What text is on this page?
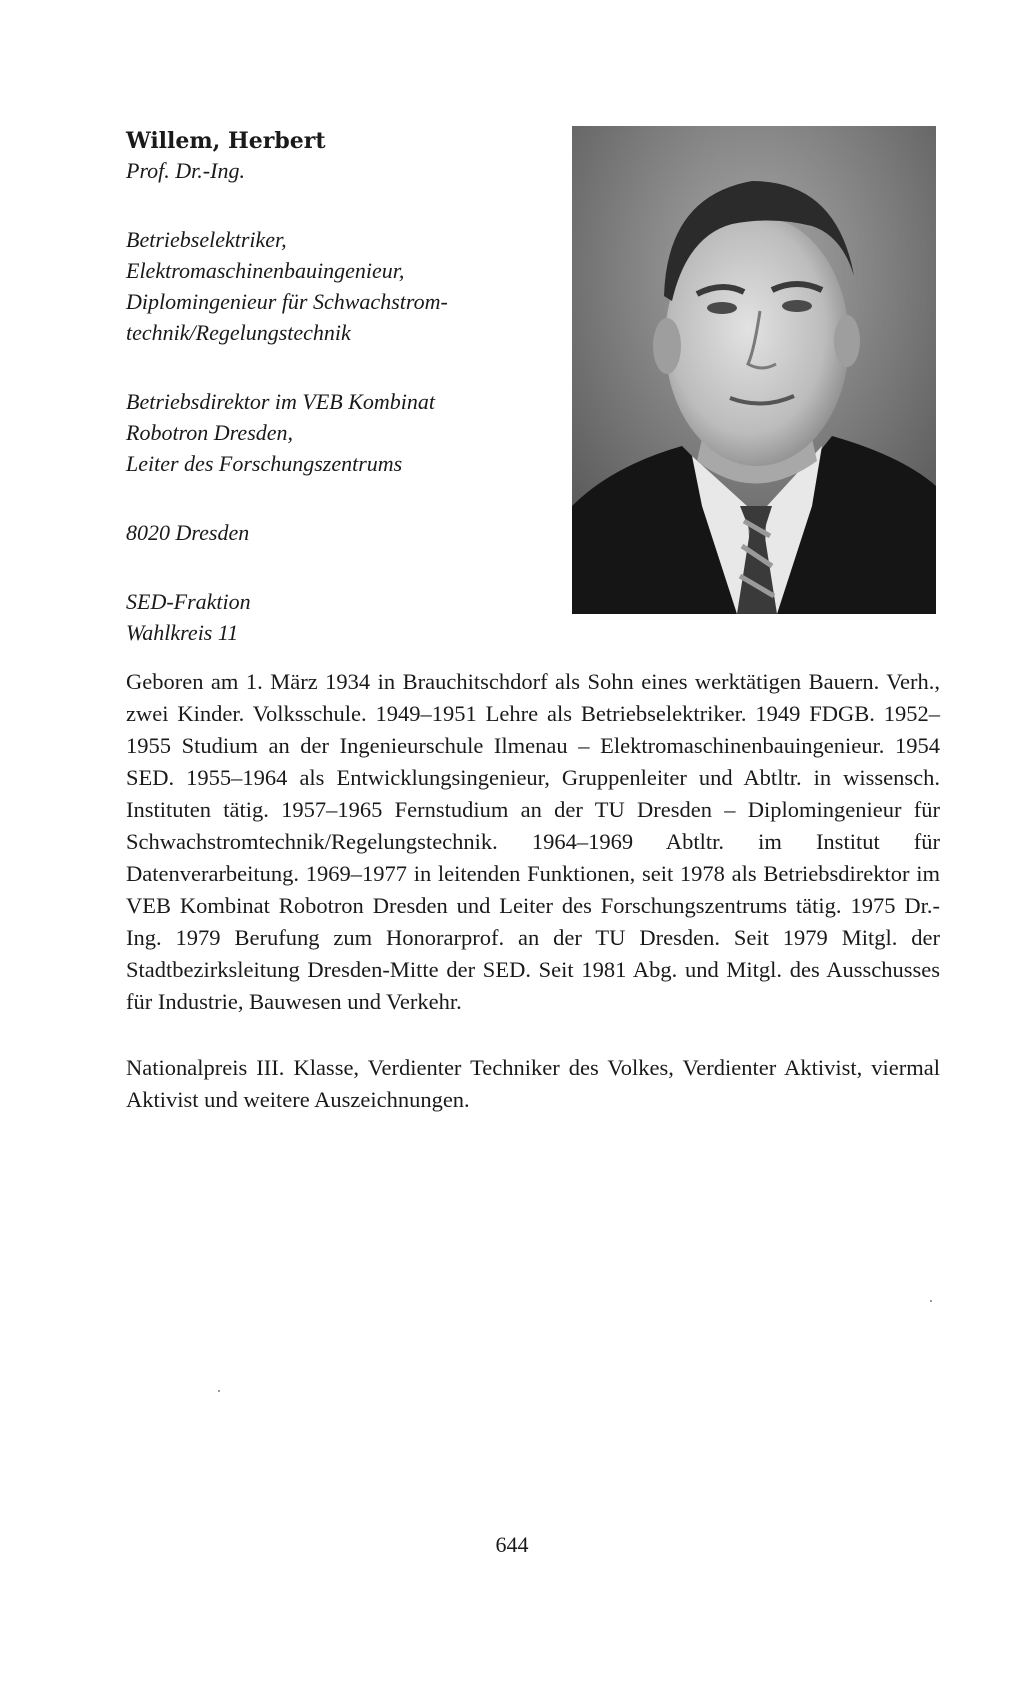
Willem, Herbert

Prof. Dr.-Ing.

Betriebselektriker,
Elektromaschinenbauingenieur,
Diplomingenieur für Schwachstrom-
technik/Regelungstechnik
Betriebsdirektor im VEB Kombinat
Robotron Dresden,
Leiter des Forschungszentrums
8020 Dresden
SED-Fraktion
Wahlkreis 11

Geboren am 1. März 1934 in Brauchitschdorf als Sohn eines werktätigen Bauern. Verh., zwei Kinder. Volksschule. 1949–1951 Lehre als Betriebselektriker. 1949 FDGB. 1952–1955 Studium an der Ingenieurschule Ilmenau – Elektromaschinenbauingenieur. 1954 SED. 1955–1964 als Entwicklungsingenieur, Gruppenleiter und Abtltr. in wissensch. Instituten tätig. 1957–1965 Fernstudium an der TU Dresden – Diplomingenieur für Schwachstromtechnik/Regelungstechnik. 1964–1969 Abtltr. im Institut für Datenverarbeitung. 1969–1977 in leitenden Funktionen, seit 1978 als Betriebsdirektor im VEB Kombinat Robotron Dresden und Leiter des Forschungszentrums tätig. 1975 Dr.-Ing. 1979 Berufung zum Honorarprof. an der TU Dresden. Seit 1979 Mitgl. der Stadtbezirksleitung Dresden-Mitte der SED. Seit 1981 Abg. und Mitgl. des Ausschusses für Industrie, Bauwesen und Verkehr.

Nationalpreis III. Klasse, Verdienter Techniker des Volkes, Verdienter Aktivist, viermal Aktivist und weitere Auszeichnungen.

644
